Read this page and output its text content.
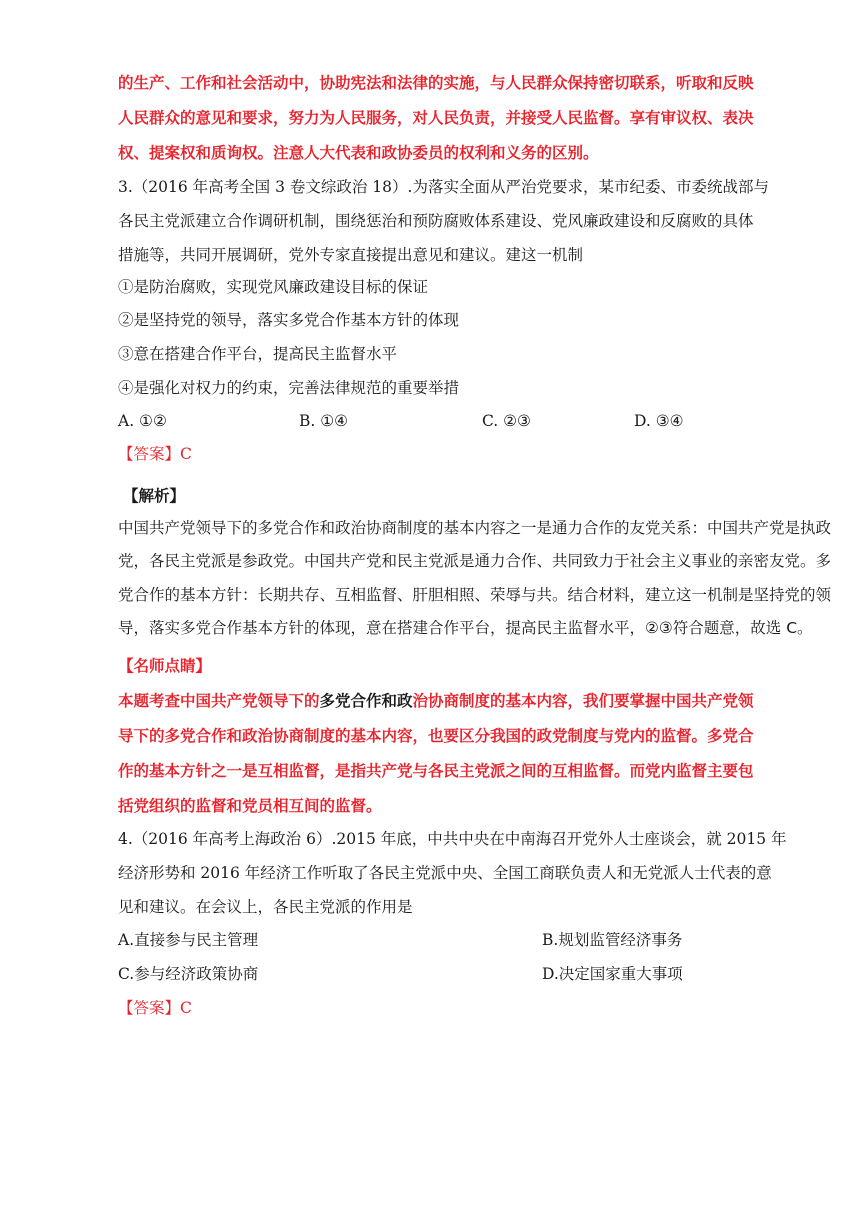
的生产、工作和社会活动中，协助宪法和法律的实施，与人民群众保持密切联系，听取和反映
人民群众的意见和要求，努力为人民服务，对人民负责，并接受人民监督。享有审议权、表决
权、提案权和质询权。注意人大代表和政协委员的权利和义务的区别。
3.（2016 年高考全国 3 卷文综政治 18）.为落实全面从严治党要求，某市纪委、市委统战部与
各民主党派建立合作调研机制，围绕惩治和预防腐败体系建设、党风廉政建设和反腐败的具体
措施等，共同开展调研，党外专家直接提出意见和建议。建这一机制
①是防治腐败，实现党风廉政建设目标的保证
②是坚持党的领导，落实多党合作基本方针的体现
③意在搭建合作平台，提高民主监督水平
④是强化对权力的约束，完善法律规范的重要举措
A. ①②	B. ①④	C. ②③	D. ③④
【答案】C
【解析】
中国共产党领导下的多党合作和政治协商制度的基本内容之一是通力合作的友党关系：中国共产党是执政
党，各民主党派是参政党。中国共产党和民主党派是通力合作、共同致力于社会主义事业的亲密友党。多
党合作的基本方针：长期共存、互相监督、肝胆相照、荣辱与共。结合材料，建立这一机制是坚持党的领
导，落实多党合作基本方针的体现，意在搭建合作平台，提高民主监督水平，②③符合题意，故选 C。
【名师点睛】
本题考查中国共产党领导下的多党合作和政治协商制度的基本内容，我们要掌握中国共产党领
导下的多党合作和政治协商制度的基本内容，也要区分我国的政党制度与党内的监督。多党合
作的基本方针之一是互相监督，是指共产党与各民主党派之间的互相监督。而党内监督主要包
括党组织的监督和党员相互间的监督。
4.（2016 年高考上海政治 6）.2015 年底，中共中央在中南海召开党外人士座谈会，就 2015 年
经济形势和 2016 年经济工作听取了各民主党派中央、全国工商联负责人和无党派人士代表的意
见和建议。在会议上，各民主党派的作用是
A.直接参与民主管理	B.规划监管经济事务
C.参与经济政策协商	D.决定国家重大事项
【答案】C
